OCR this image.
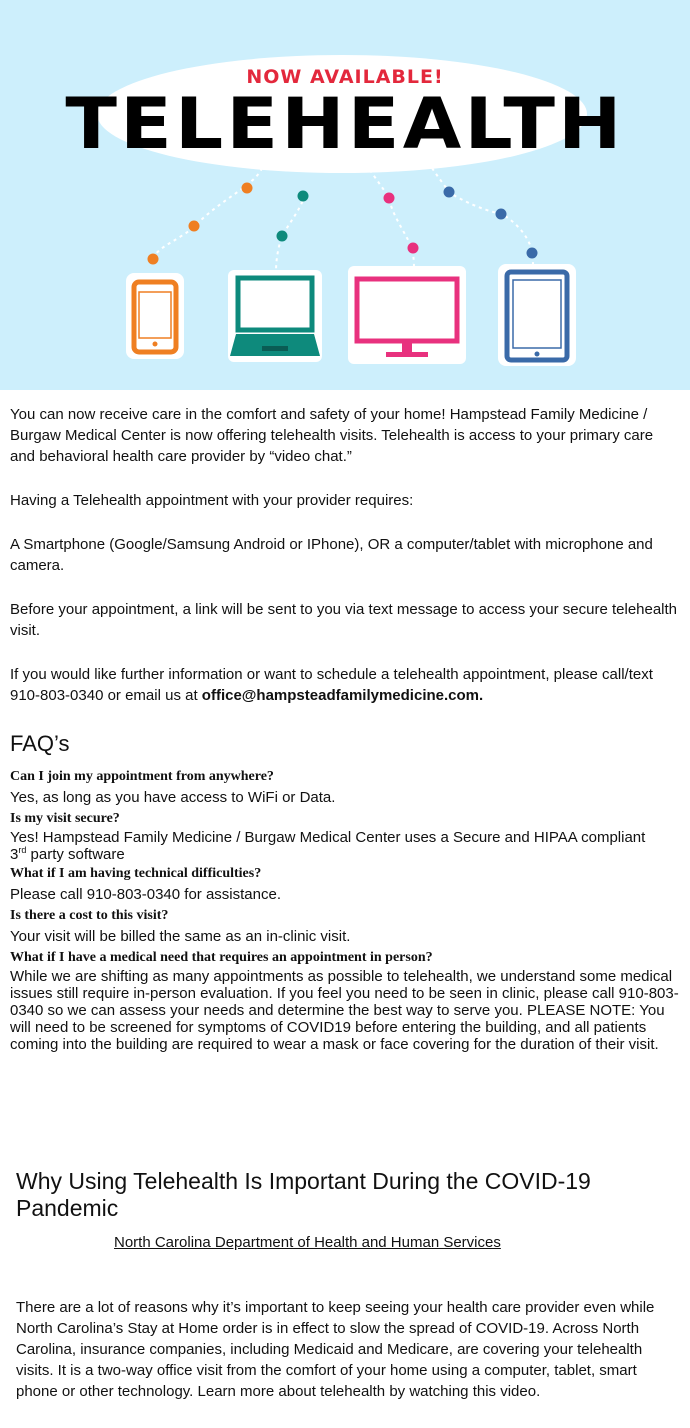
NOW AVAILABLE!
TELEHEALTH

You can now receive care in the comfort and safety of your home! Hampstead Family Medicine / Burgaw Medical Center is now offering telehealth visits. Telehealth is access to your primary care and behavioral health care provider by “video chat.”

Having a Telehealth appointment with your provider requires:

A Smartphone (Google/Samsung Android or IPhone), OR a computer/tablet with microphone and camera.

Before your appointment, a link will be sent to you via text message to access your secure telehealth visit.

If you would like further information or want to schedule a telehealth appointment, please call/text 910-803-0340 or email us at office@hampsteadfamilymedicine.com.

FAQ’s
Can I join my appointment from anywhere?
Yes, as long as you have access to WiFi or Data.
Is my visit secure?
Yes! Hampstead Family Medicine / Burgaw Medical Center uses a Secure and HIPAA compliant
3rd party software
What if I am having technical difficulties?
Please call 910-803-0340 for assistance.
Is there a cost to this visit?
Your visit will be billed the same as an in-clinic visit.
What if I have a medical need that requires an appointment in person?
While we are shifting as many appointments as possible to telehealth, we understand some medical issues still require in-person evaluation. If you feel you need to be seen in clinic, please call 910-803-0340 so we can assess your needs and determine the best way to serve you. PLEASE NOTE: You will need to be screened for symptoms of COVID19 before entering the building, and all patients coming into the building are required to wear a mask or face covering for the duration of their visit.
Why Using Telehealth Is Important During the COVID-19 Pandemic
North Carolina Department of Health and Human Services
There are a lot of reasons why it’s important to keep seeing your health care provider even while North Carolina’s Stay at Home order is in effect to slow the spread of COVID-19. Across North Carolina, insurance companies, including Medicaid and Medicare, are covering your telehealth visits. It is a two-way office visit from the comfort of your home using a computer, tablet, smart phone or other technology. Learn more about telehealth by watching this video.
